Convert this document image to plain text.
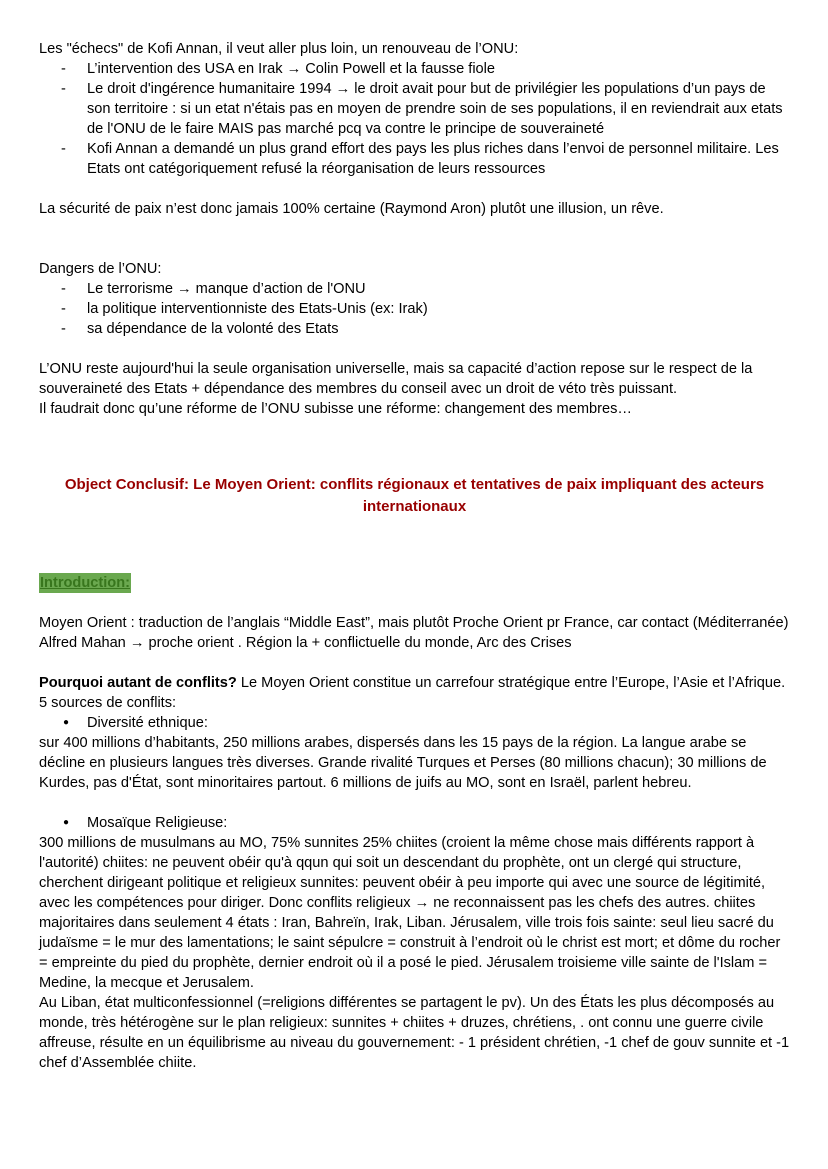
Les "échecs" de Kofi Annan, il veut aller plus loin, un renouveau de l’ONU:

- L’intervention des USA en Irak → Colin Powell et la fausse fiole
- Le droit d'ingérence humanitaire 1994 → le droit avait pour but de privilégier les populations d’un pays de son territoire : si un etat n'étais pas en moyen de prendre soin de ses populations, il en reviendrait aux etats de l'ONU de le faire MAIS pas marché pcq va contre le principe de souveraineté
- Kofi Annan a demandé un plus grand effort des pays les plus riches dans l’envoi de personnel militaire. Les Etats ont catégoriquement refusé la réorganisation de leurs ressources

La sécurité de paix n’est donc jamais 100% certaine (Raymond Aron) plutôt une illusion, un rêve.

Dangers de l’ONU:

- Le terrorisme → manque d’action de l'ONU
- la politique interventionniste des Etats-Unis (ex: Irak)
- sa dépendance de la volonté des Etats

L’ONU reste aujourd'hui la seule organisation universelle, mais sa capacité d’action repose sur le respect de la souveraineté des Etats + dépendance des membres du conseil avec un droit de véto très puissant.

Il faudrait donc qu’une réforme de l’ONU subisse une réforme: changement des membres…

Object Conclusif: Le Moyen Orient: conflits régionaux et tentatives de paix impliquant des acteurs internationaux
Introduction:

Moyen Orient : traduction de l’anglais “Middle East”, mais plutôt Proche Orient pr France, car contact (Méditerranée)

Alfred Mahan → proche orient . Région la + conflictuelle du monde, Arc des Crises

Pourquoi autant de conflits? Le Moyen Orient constitue un carrefour stratégique entre l’Europe, l’Asie et l’Afrique.

5 sources de conflits:

● Diversité ethnique:

sur 400 millions d’habitants, 250 millions arabes, dispersés dans les 15 pays de la région. La langue arabe se décline en plusieurs langues très diverses. Grande rivalité Turques et Perses (80 millions chacun); 30 millions de Kurdes, pas d'État, sont minoritaires partout. 6 millions de juifs au MO, sont en Israël, parlent hebreu.

● Mosaïque Religieuse:

300 millions de musulmans au MO, 75% sunnites 25% chiites (croient la même chose mais différents rapport à l'autorité) chiites: ne peuvent obéir qu'à qqun qui soit un descendant du prophète, ont un clergé qui structure, cherchent dirigeant politique et religieux sunnites: peuvent obéir à peu importe qui avec une source de légitimité, avec les compétences pour diriger. Donc conflits religieux → ne reconnaissent pas les chefs des autres. chiites majoritaires dans seulement 4 états : Iran, Bahreïn, Irak, Liban. Jérusalem, ville trois fois sainte: seul lieu sacré du judaïsme = le mur des lamentations; le saint sépulcre = construit à l’endroit où le christ est mort; et dôme du rocher = empreinte du pied du prophète, dernier endroit où il a posé le pied. Jérusalem troisieme ville sainte de l'Islam = Medine, la mecque et Jerusalem.

Au Liban, état multiconfessionnel (=religions différentes se partagent le pv). Un des États les plus décomposés au monde, très hétérogène sur le plan religieux: sunnites + chiites + druzes, chrétiens, . ont connu une guerre civile affreuse, résulte en un équilibrisme au niveau du gouvernement: - 1 président chrétien, -1 chef de gouv sunnite et -1 chef d’Assemblée chiite.
